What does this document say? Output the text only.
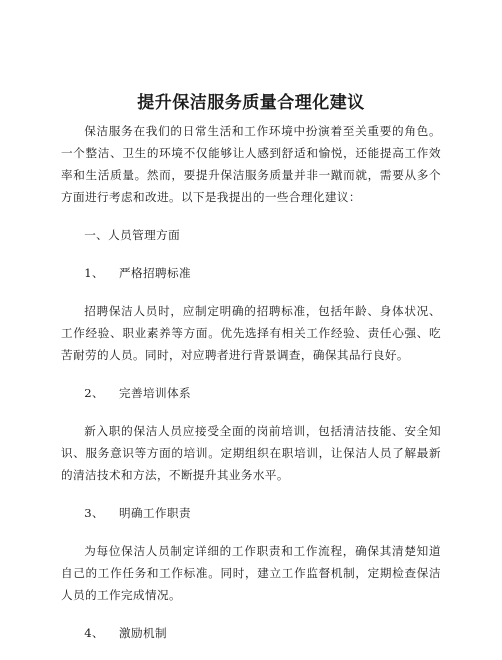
提升保洁服务质量合理化建议

保洁服务在我们的日常生活和工作环境中扮演着至关重要的角色。一个整洁、卫生的环境不仅能够让人感到舒适和愉悦，还能提高工作效率和生活质量。然而，要提升保洁服务质量并非一蹴而就，需要从多个方面进行考虑和改进。以下是我提出的一些合理化建议：

一、人员管理方面

1、 严格招聘标准

招聘保洁人员时，应制定明确的招聘标准，包括年龄、身体状况、工作经验、职业素养等方面。优先选择有相关工作经验、责任心强、吃苦耐劳的人员。同时，对应聘者进行背景调查，确保其品行良好。

2、 完善培训体系

新入职的保洁人员应接受全面的岗前培训，包括清洁技能、安全知识、服务意识等方面的培训。定期组织在职培训，让保洁人员了解最新的清洁技术和方法，不断提升其业务水平。

3、 明确工作职责

为每位保洁人员制定详细的工作职责和工作流程，确保其清楚知道自己的工作任务和工作标准。同时，建立工作监督机制，定期检查保洁人员的工作完成情况。

4、 激励机制
